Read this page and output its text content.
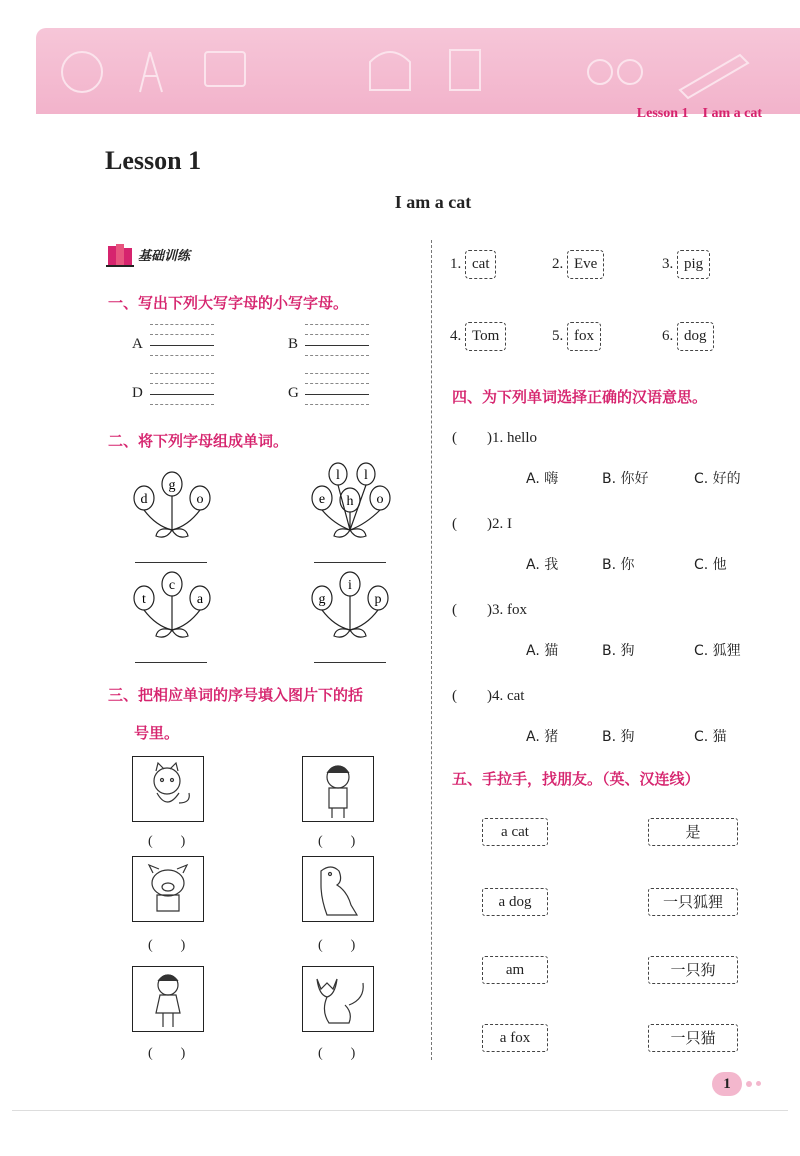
Lesson 1　I am a cat
Lesson 1
I am a cat
基础训练
一、写出下列大写字母的小写字母。
A	B
D	G
二、将下列字母组成单词。
d
g
o	e
l
h
l
o
t
c
a	g
i
p
三、把相应单词的序号填入图片下的括
号里。
(　　)	(　　)
(　　)	(　　)
(　　)	(　　)
1. cat	2. Eve	3. pig
4. Tom	5. fox	6. dog
四、为下列单词选择正确的汉语意思。
(　　)1. hello
A. 嗨	B. 你好	C. 好的
(　　)2. I
A. 我	B. 你	C. 他
(　　)3. fox
A. 猫	B. 狗	C. 狐狸
(　　)4. cat
A. 猪	B. 狗	C. 猫
五、手拉手，找朋友。（英、汉连线）
a cat
a dog
am
a fox
是
一只狐狸
一只狗
一只猫
1
